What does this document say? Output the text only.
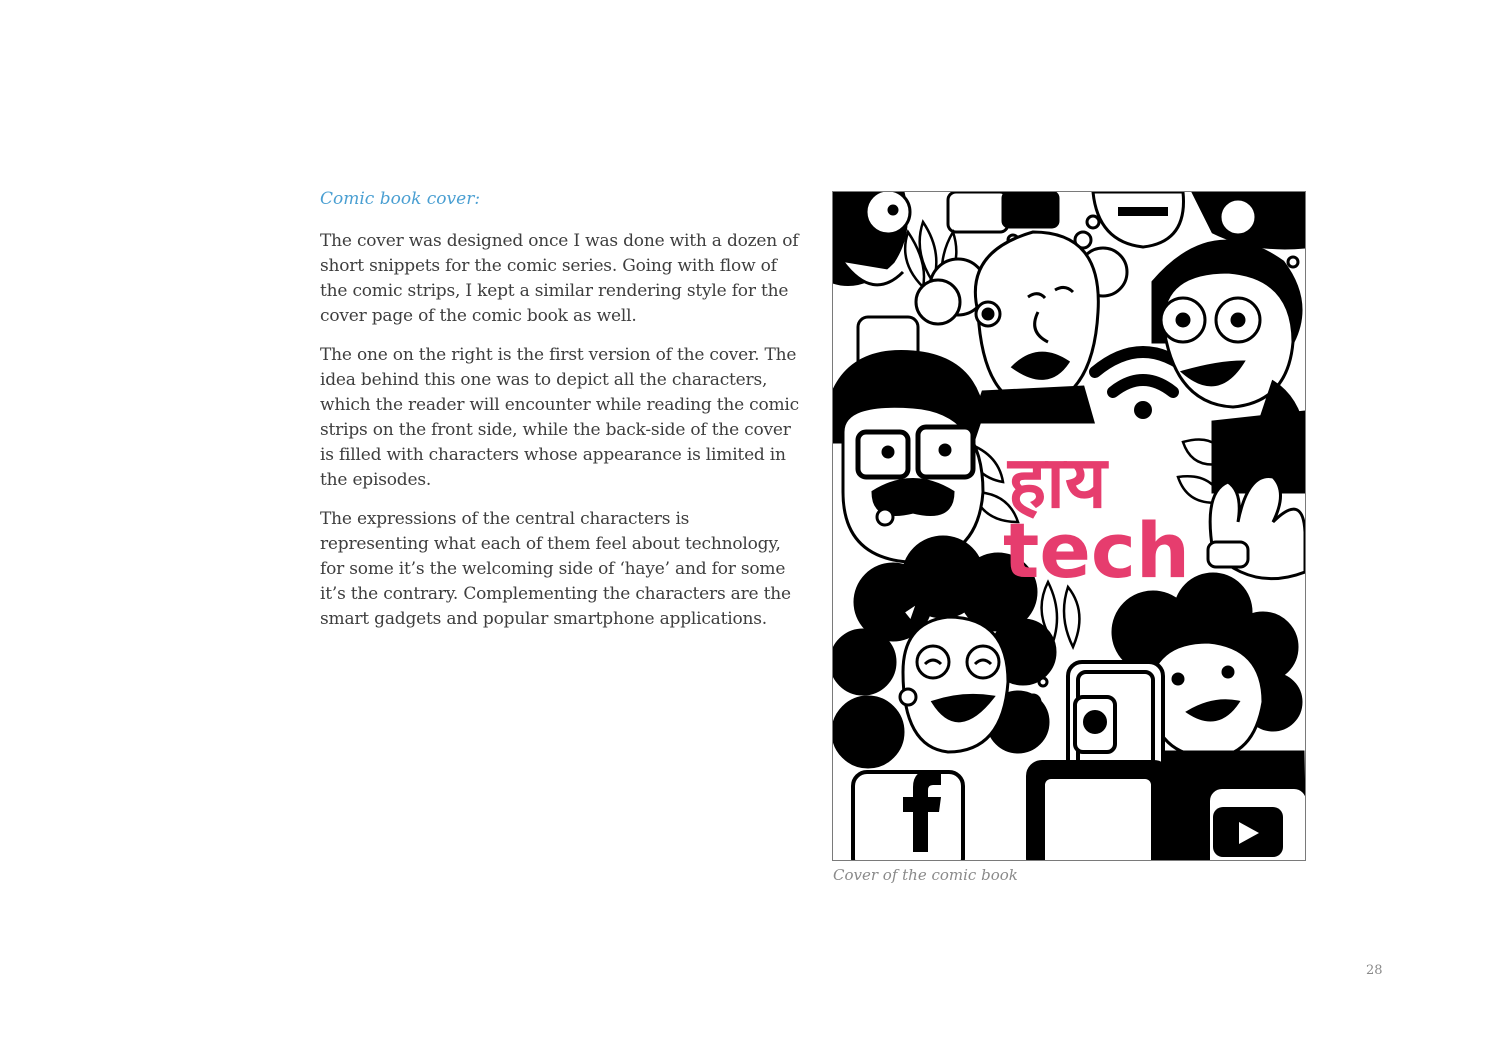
Comic book cover:

The cover was designed once I was done with a dozen of short snippets for the comic series. Going with flow of the comic strips, I kept a similar rendering style for the cover page of the comic book as well.

The one on the right is the first version of the cover. The idea behind this one was to depict all the characters, which the reader will encounter while reading the comic strips on the front side, while the back-side of the cover is filled with characters whose appearance is limited in the episodes.

The expressions of the central characters is representing what each of them feel about technology, for some it’s the welcoming side of ‘haye’ and for some it’s the contrary. Complementing the characters are the smart gadgets and popular smartphone applications.

हाय
tech

Cover of the comic book

28
